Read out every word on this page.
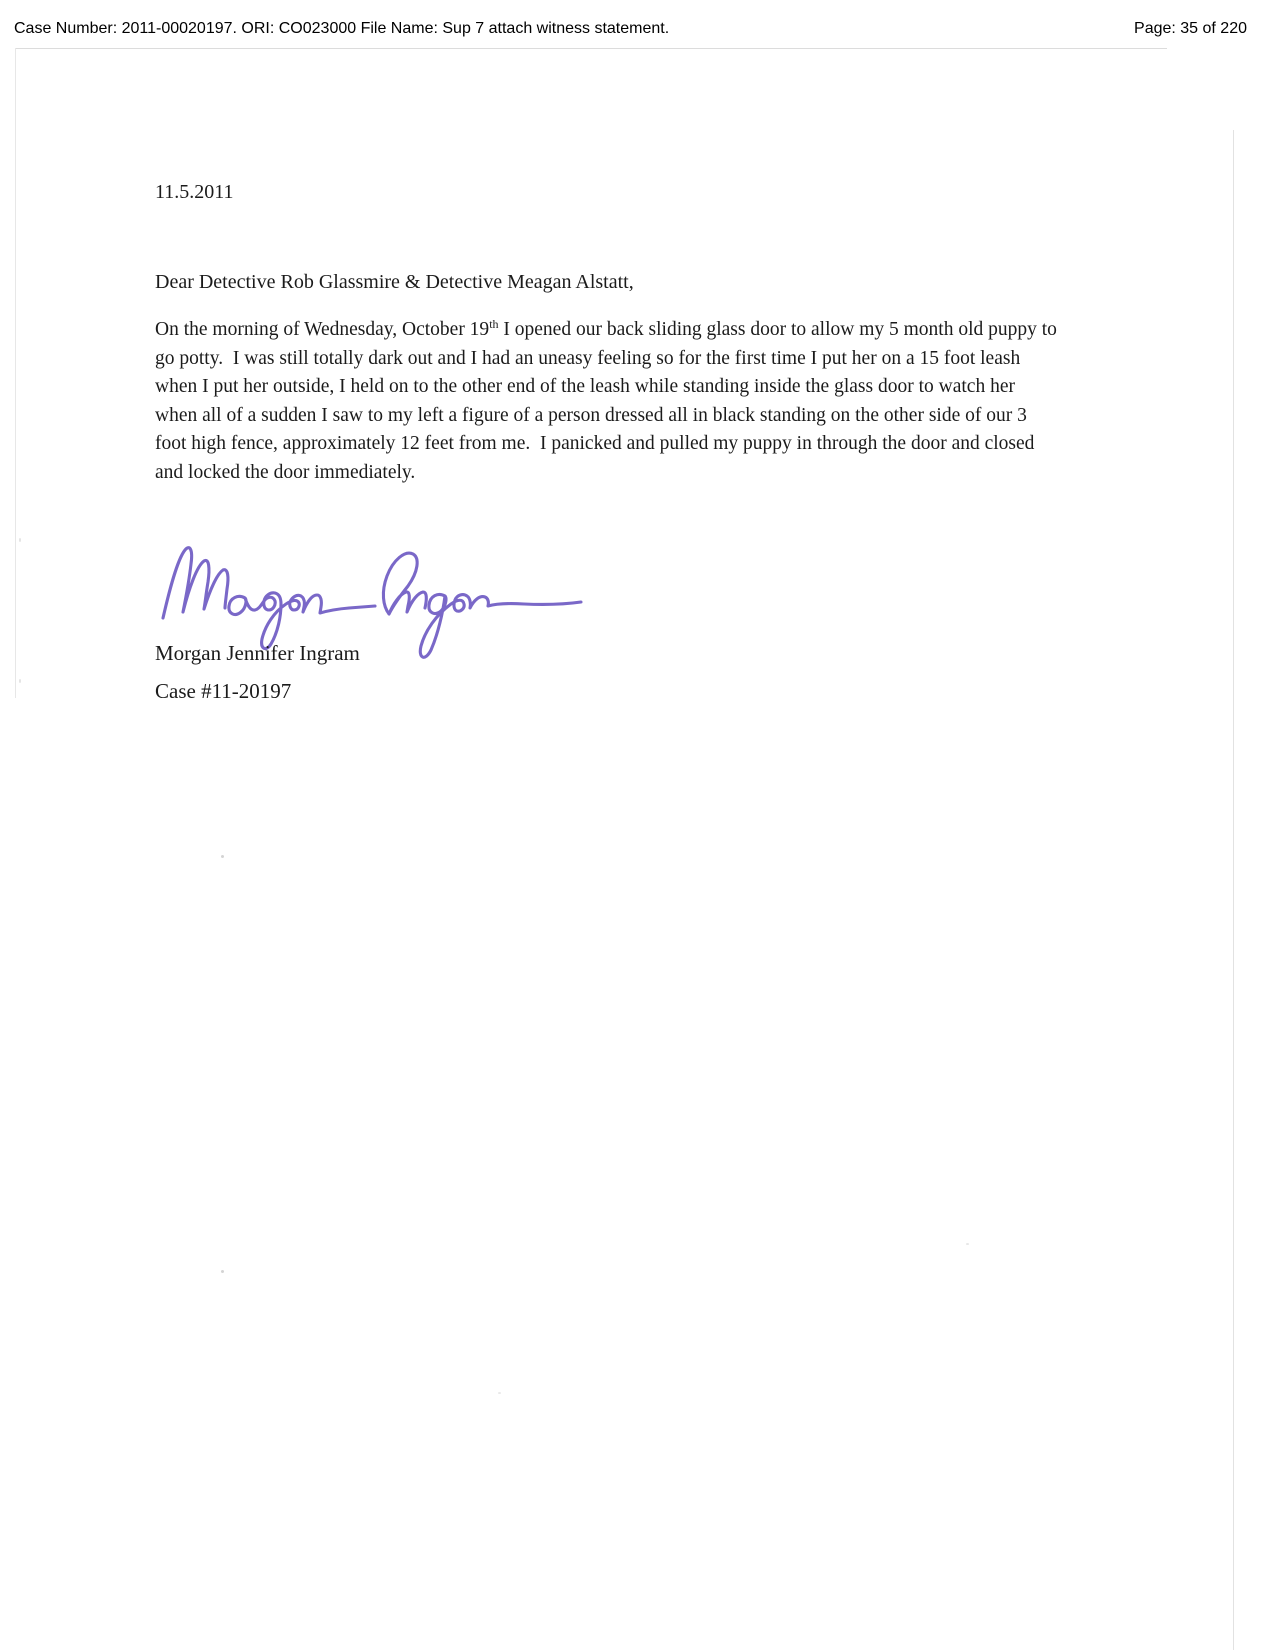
Case Number: 2011-00020197. ORI: CO023000 File Name: Sup 7 attach witness statement.	Page: 35 of 220
11.5.2011
Dear Detective Rob Glassmire & Detective Meagan Alstatt,

On the morning of Wednesday, October 19th I opened our back sliding glass door to allow my 5 month old puppy to go potty.  I was still totally dark out and I had an uneasy feeling so for the first time I put her on a 15 foot leash when I put her outside, I held on to the other end of the leash while standing inside the glass door to watch her when all of a sudden I saw to my left a figure of a person dressed all in black standing on the other side of our 3 foot high fence, approximately 12 feet from me.  I panicked and pulled my puppy in through the door and closed and locked the door immediately.

Morgan Jennifer Ingram
Case #11-20197
